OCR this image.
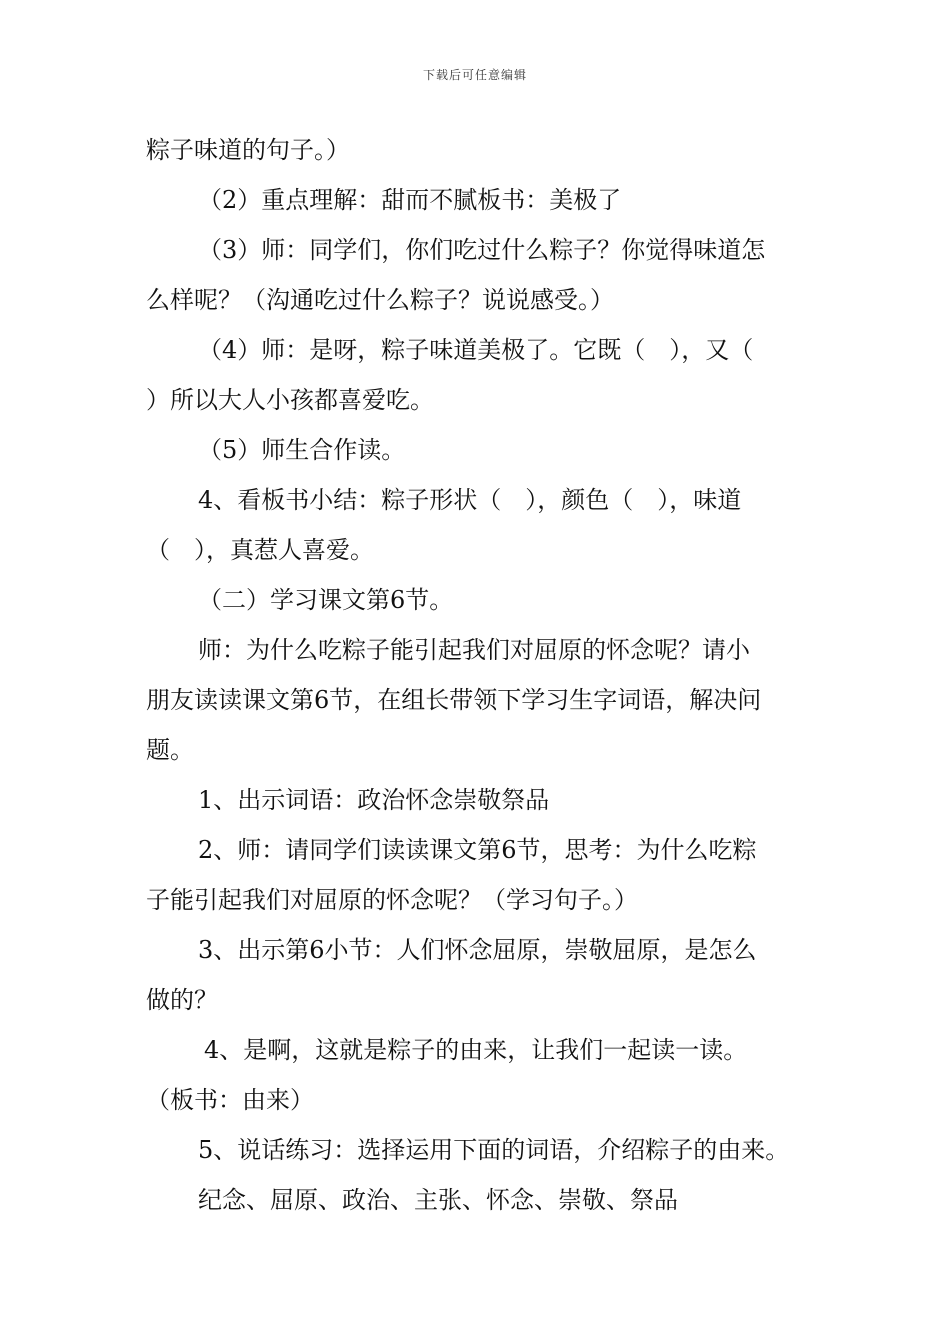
下载后可任意编辑
粽子味道的句子。）
（2）重点理解：甜而不腻板书：美极了
（3）师：同学们，你们吃过什么粽子？你觉得味道怎
么样呢？（沟通吃过什么粽子？说说感受。）
（4）师：是呀，粽子味道美极了。它既（　），又（
）所以大人小孩都喜爱吃。
（5）师生合作读。
4、看板书小结：粽子形状（　），颜色（　），味道
（　），真惹人喜爱。
（二）学习课文第6节。
师：为什么吃粽子能引起我们对屈原的怀念呢？请小
朋友读读课文第6节，在组长带领下学习生字词语，解决问
题。
1、出示词语：政治怀念崇敬祭品
2、师：请同学们读读课文第6节，思考：为什么吃粽
子能引起我们对屈原的怀念呢？（学习句子。）
3、出示第6小节：人们怀念屈原，崇敬屈原，是怎么
做的？
4、是啊，这就是粽子的由来，让我们一起读一读。
（板书：由来）
5、说话练习：选择运用下面的词语，介绍粽子的由来。
纪念、屈原、政治、主张、怀念、崇敬、祭品
